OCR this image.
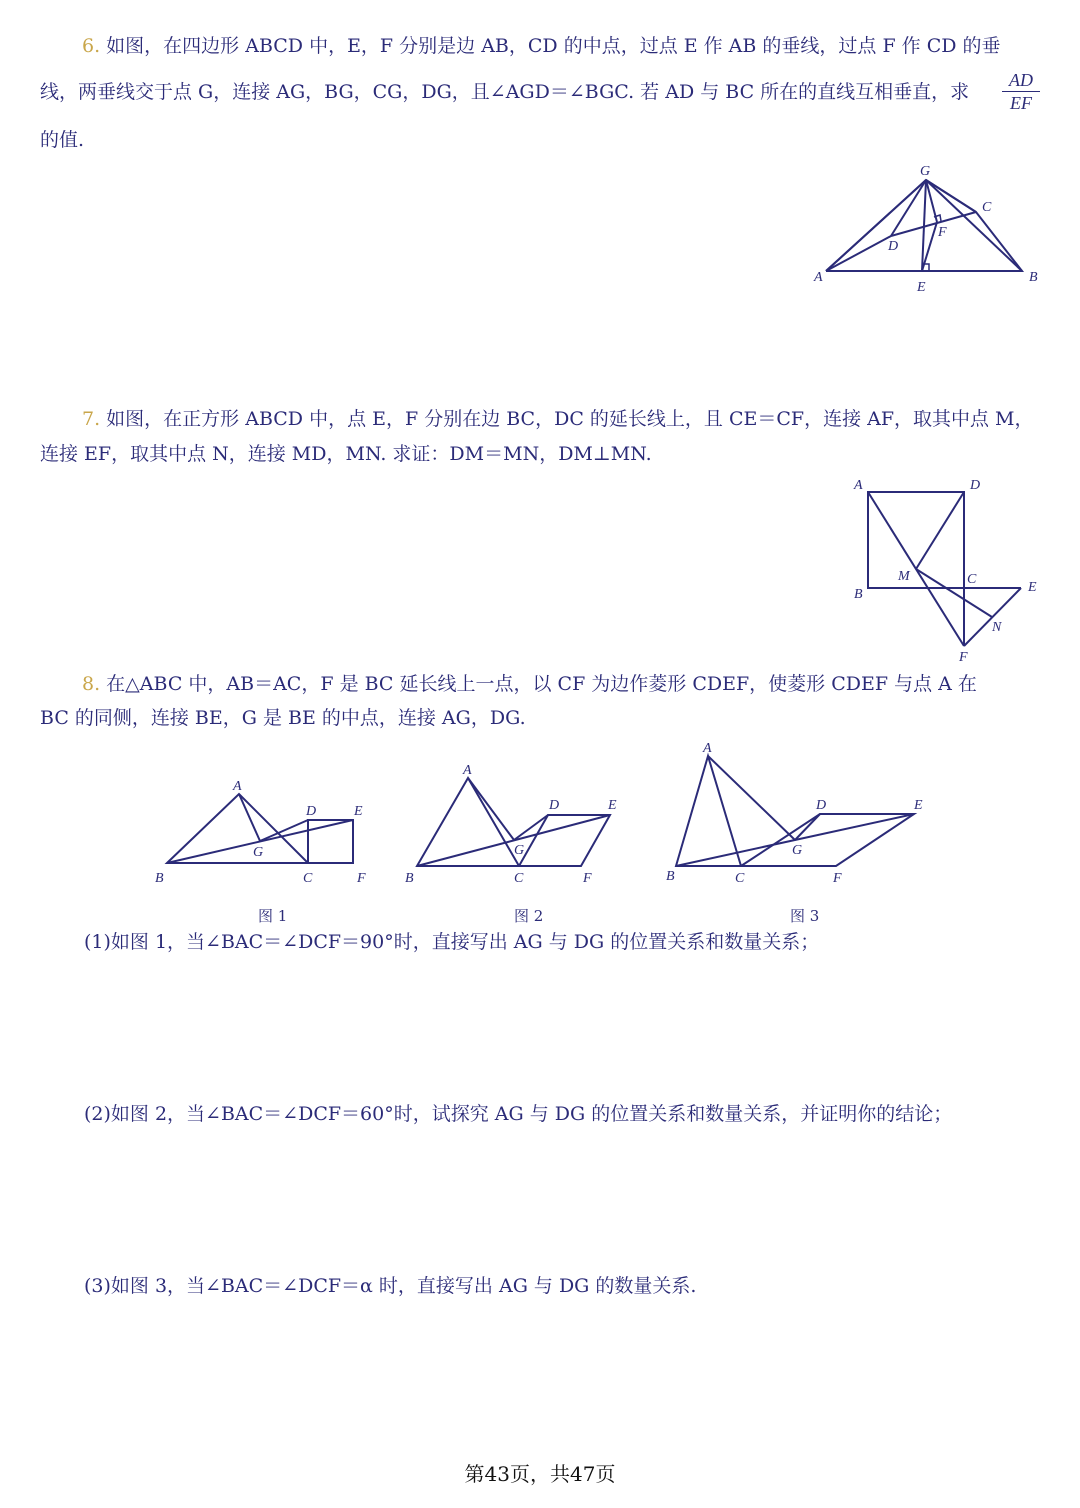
6. 如图，在四边形 ABCD 中，E，F 分别是边 AB，CD 的中点，过点 E 作 AB 的垂线，过点 F 作 CD 的垂
线，两垂线交于点 G，连接 AG，BG，CG，DG，且∠AGD＝∠BGC. 若 AD 与 BC 所在的直线互相垂直，求
AD
EF
的值.
G
C
D
F
A
E
B
7. 如图，在正方形 ABCD 中，点 E，F 分别在边 BC，DC 的延长线上，且 CE＝CF，连接 AF，取其中点 M，
连接 EF，取其中点 N，连接 MD，MN. 求证：DM＝MN，DM⊥MN.
A	D
M	C
E
B
N
F
8. 在△ABC 中，AB＝AC，F 是 BC 延长线上一点，以 CF 为边作菱形 CDEF，使菱形 CDEF 与点 A 在
BC 的同侧，连接 BE，G 是 BE 的中点，连接 AG，DG.
A
D	E
G
B	C	F
A
D	E
G
B	C	F
A
D	E
G
B	C	F
图 1	图 2	图 3
(1)如图 1，当∠BAC＝∠DCF＝90°时，直接写出 AG 与 DG 的位置关系和数量关系；
(2)如图 2，当∠BAC＝∠DCF＝60°时，试探究 AG 与 DG 的位置关系和数量关系，并证明你的结论；
(3)如图 3，当∠BAC＝∠DCF＝α 时，直接写出 AG 与 DG 的数量关系.
第43页，共47页
